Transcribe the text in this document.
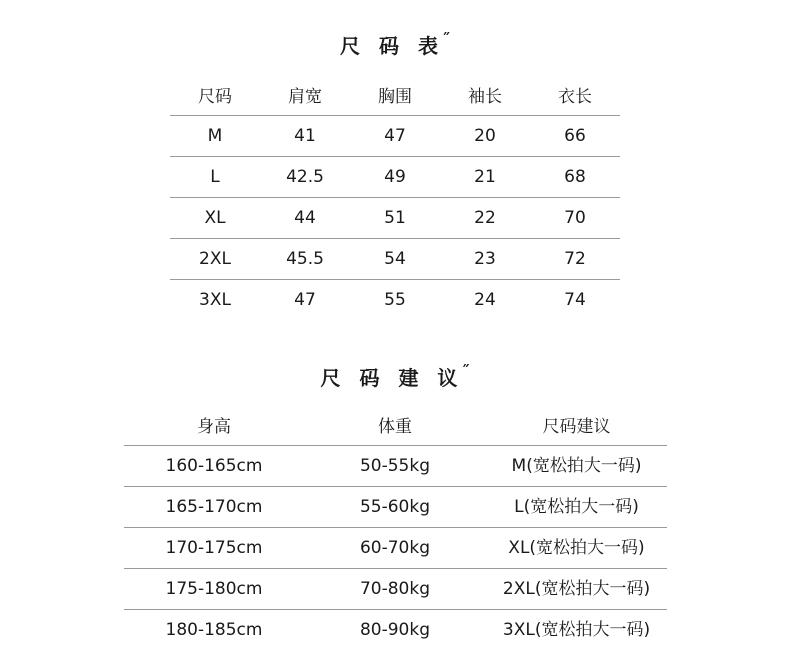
尺 码 表˝
尺码	肩宽	胸围	袖长	衣长
M	41	47	20	66
L	42.5	49	21	68
XL	44	51	22	70
2XL	45.5	54	23	72
3XL	47	55	24	74
尺 码 建 议˝
身高	体重	尺码建议
160-165cm	50-55kg	M(宽松拍大一码)
165-170cm	55-60kg	L(宽松拍大一码)
170-175cm	60-70kg	XL(宽松拍大一码)
175-180cm	70-80kg	2XL(宽松拍大一码)
180-185cm	80-90kg	3XL(宽松拍大一码)
